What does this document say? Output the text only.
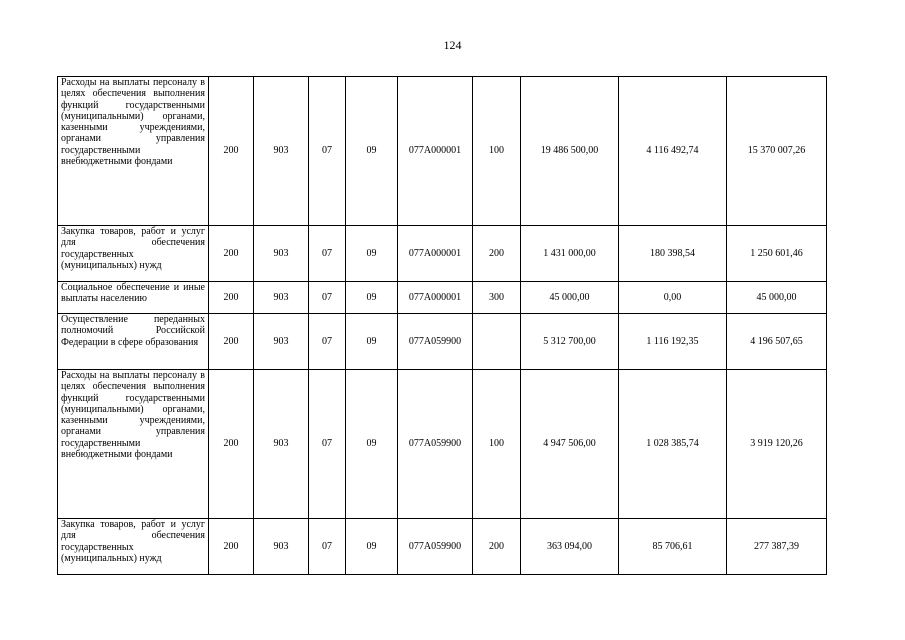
124
Расходы на выплаты персоналу в целях обеспечения выполнения функций государственными (муниципальными) органами, казенными учреждениями, органами управления государственными внебюджетными фондами	200	903	07	09	077А000001	100	19 486 500,00	4 116 492,74	15 370 007,26
Закупка товаров, работ и услуг для обеспечения государственных (муниципальных) нужд	200	903	07	09	077А000001	200	1 431 000,00	180 398,54	1 250 601,46
Социальное обеспечение и иные выплаты населению	200	903	07	09	077А000001	300	45 000,00	0,00	45 000,00
Осуществление переданных полномочий Российской Федерации в сфере образования	200	903	07	09	077А059900		5 312 700,00	1 116 192,35	4 196 507,65
Расходы на выплаты персоналу в целях обеспечения выполнения функций государственными (муниципальными) органами, казенными учреждениями, органами управления государственными внебюджетными фондами	200	903	07	09	077А059900	100	4 947 506,00	1 028 385,74	3 919 120,26
Закупка товаров, работ и услуг для обеспечения государственных (муниципальных) нужд	200	903	07	09	077А059900	200	363 094,00	85 706,61	277 387,39
